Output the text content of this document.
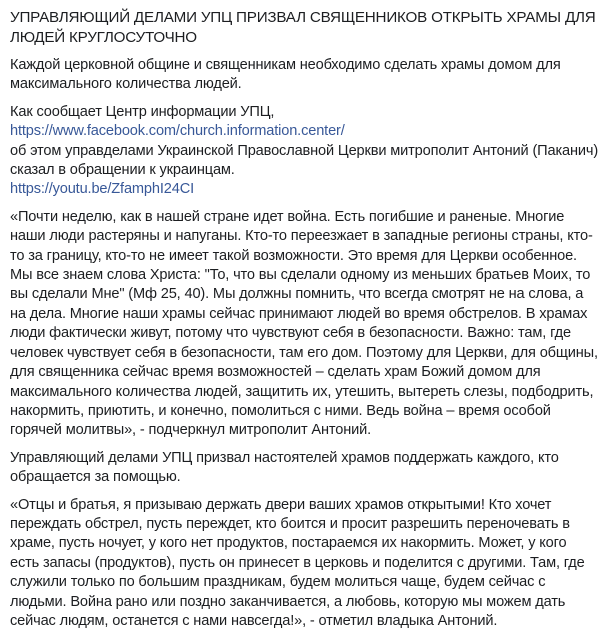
УПРАВЛЯЮЩИЙ ДЕЛАМИ УПЦ ПРИЗВАЛ СВЯЩЕННИКОВ ОТКРЫТЬ ХРАМЫ ДЛЯ ЛЮДЕЙ КРУГЛОСУТОЧНО

Каждой церковной общине и священникам необходимо сделать храмы домом для максимального количества людей.

Как сообщает Центр информации УПЦ,
https://www.facebook.com/church.information.center/
об этом управделами Украинской Православной Церкви митрополит Антоний (Паканич) сказал в обращении к украинцам.
https://youtu.be/ZfamphI24CI

«Почти неделю, как в нашей стране идет война. Есть погибшие и раненые. Многие наши люди растеряны и напуганы. Кто-то переезжает в западные регионы страны, кто-то за границу, кто-то не имеет такой возможности. Это время для Церкви особенное. Мы все знаем слова Христа: "То, что вы сделали одному из меньших братьев Моих, то вы сделали Мне" (Мф 25, 40). Мы должны помнить, что всегда смотрят не на слова, а на дела. Многие наши храмы сейчас принимают людей во время обстрелов. В храмах люди фактически живут, потому что чувствуют себя в безопасности. Важно: там, где человек чувствует себя в безопасности, там его дом. Поэтому для Церкви, для общины, для священника сейчас время возможностей – сделать храм Божий домом для максимального количества людей, защитить их, утешить, вытереть слезы, подбодрить, накормить, приютить, и конечно, помолиться с ними. Ведь война – время особой горячей молитвы», - подчеркнул митрополит Антоний.

Управляющий делами УПЦ призвал настоятелей храмов поддержать каждого, кто обращается за помощью.

«Отцы и братья, я призываю держать двери ваших храмов открытыми! Кто хочет переждать обстрел, пусть переждет, кто боится и просит разрешить переночевать в храме, пусть ночует, у кого нет продуктов, постараемся их накормить. Может, у кого есть запасы (продуктов), пусть он принесет в церковь и поделится с другими. Там, где служили только по большим праздникам, будем молиться чаще, будем сейчас с людьми. Война рано или поздно заканчивается, а любовь, которую мы можем дать сейчас людям, останется с нами навсегда!», - отметил владыка Антоний.
